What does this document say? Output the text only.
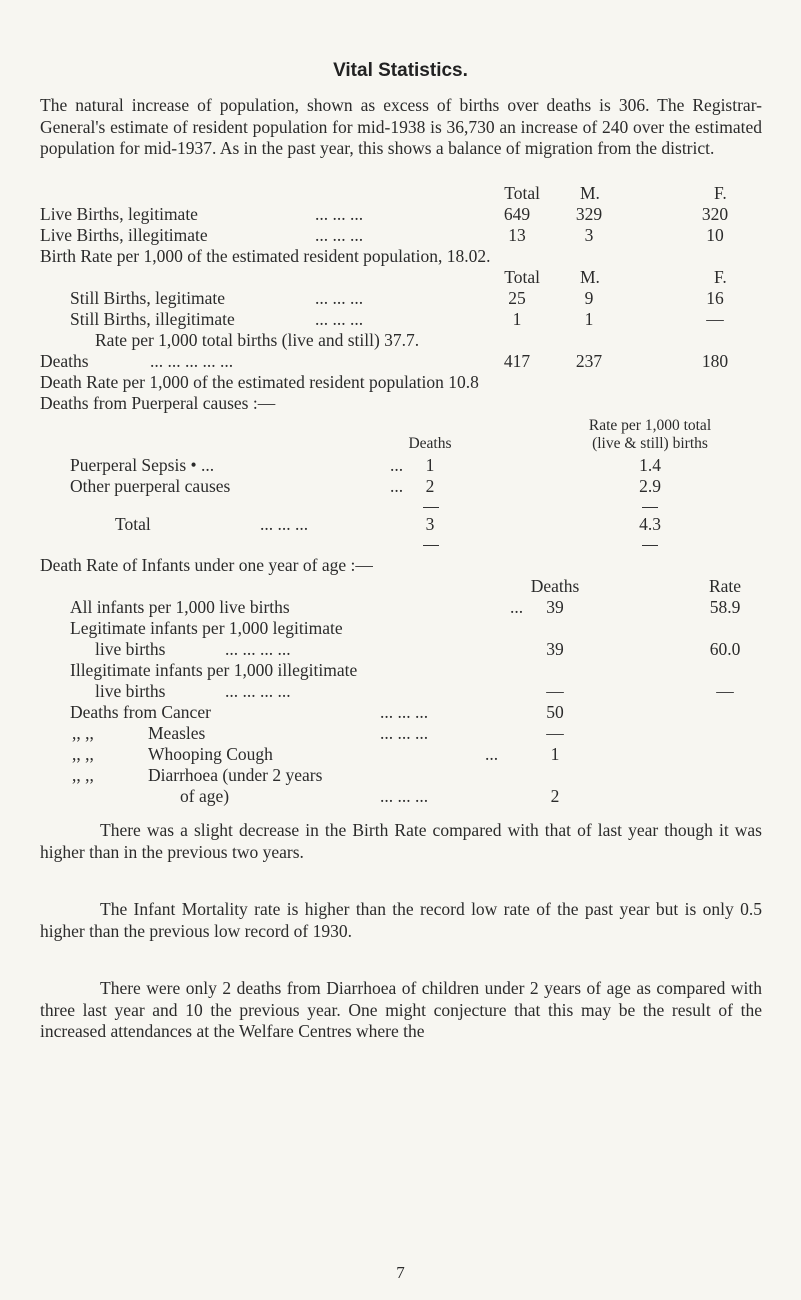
Vital Statistics.
The natural increase of population, shown as excess of births over deaths is 306. The Registrar-General's estimate of resident population for mid-1938 is 36,730 an increase of 240 over the estimated population for mid-1937. As in the past year, this shows a balance of migration from the district.
Total M.	F.
Live Births, legitimate	... ... ...	649	329	320
Live Births, illegitimate	... ... ...	13	3	10
Birth Rate per 1,000 of the estimated resident population, 18.02.
Total M.	F.
Still Births, legitimate	... ... ...	25	9	16
Still Births, illegitimate	... ... ...	1	1	—
Rate per 1,000 total births (live and still) 37.7.
Deaths	... ... ... ... ...	417	237	180
Death Rate per 1,000 of the estimated resident population 10.8
Deaths from Puerperal causes :—
Rate per 1,000 total
Deaths	(live & still) births
Puerperal Sepsis • ...	...	1	1.4
Other puerperal causes	...	2	2.9
Total	... ... ...	3	4.3
Death Rate of Infants under one year of age :—
Deaths	Rate
All infants per 1,000 live births	...	39	58.9
Legitimate infants per 1,000 legitimate
live births	... ... ... ...	39	60.0
Illegitimate infants per 1,000 illegitimate
live births	... ... ... ...	—	—
Deaths from Cancer	... ... ...	50
,, ,,	Measles	... ... ...	—
,, ,,	Whooping Cough	...	1
,, ,,	Diarrhoea (under 2 years
of age)	... ... ...	2
There was a slight decrease in the Birth Rate compared with that of last year though it was higher than in the previous two years.
The Infant Mortality rate is higher than the record low rate of the past year but is only 0.5 higher than the previous low record of 1930.
There were only 2 deaths from Diarrhoea of children under 2 years of age as compared with three last year and 10 the previous year. One might conjecture that this may be the result of the increased attendances at the Welfare Centres where the
7
